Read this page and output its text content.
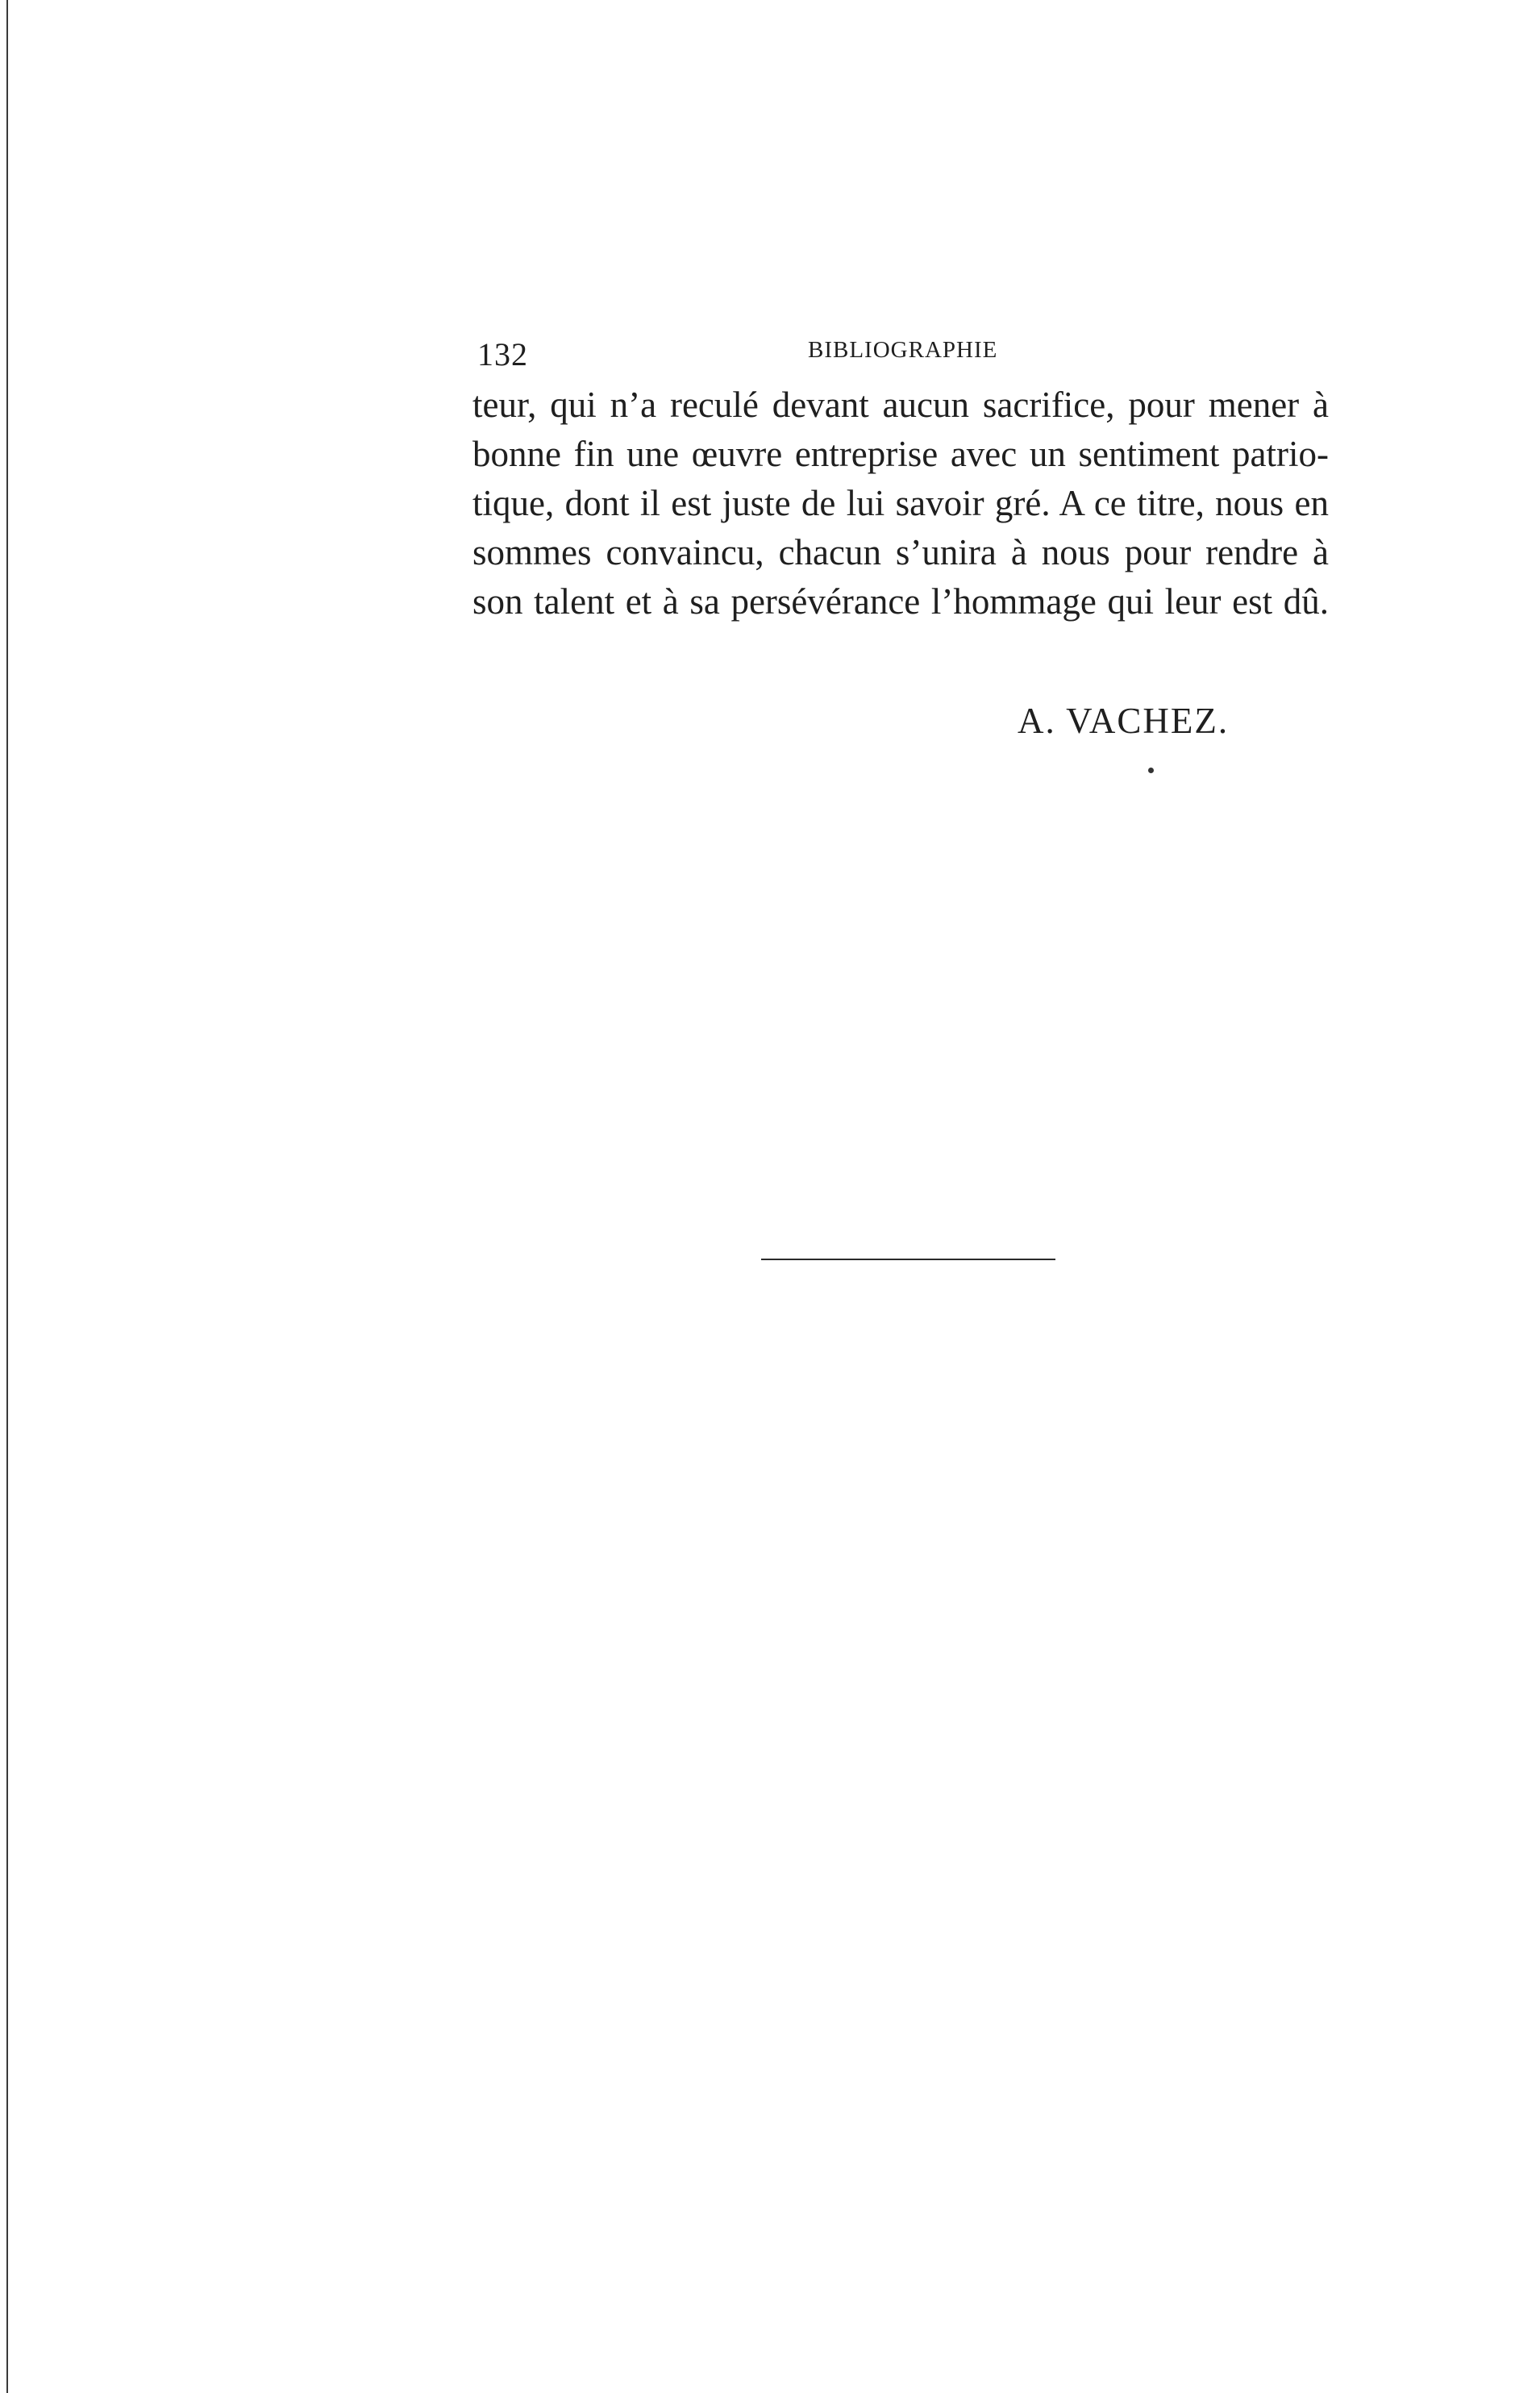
132	BIBLIOGRAPHIE

teur, qui n’a reculé devant aucun sacrifice, pour mener à
bonne fin une œuvre entreprise avec un sentiment patrio-
tique, dont il est juste de lui savoir gré. A ce titre, nous en
sommes convaincu, chacun s’unira à nous pour rendre à
son talent et à sa persévérance l’hommage qui leur est dû.

A. VACHEZ.
